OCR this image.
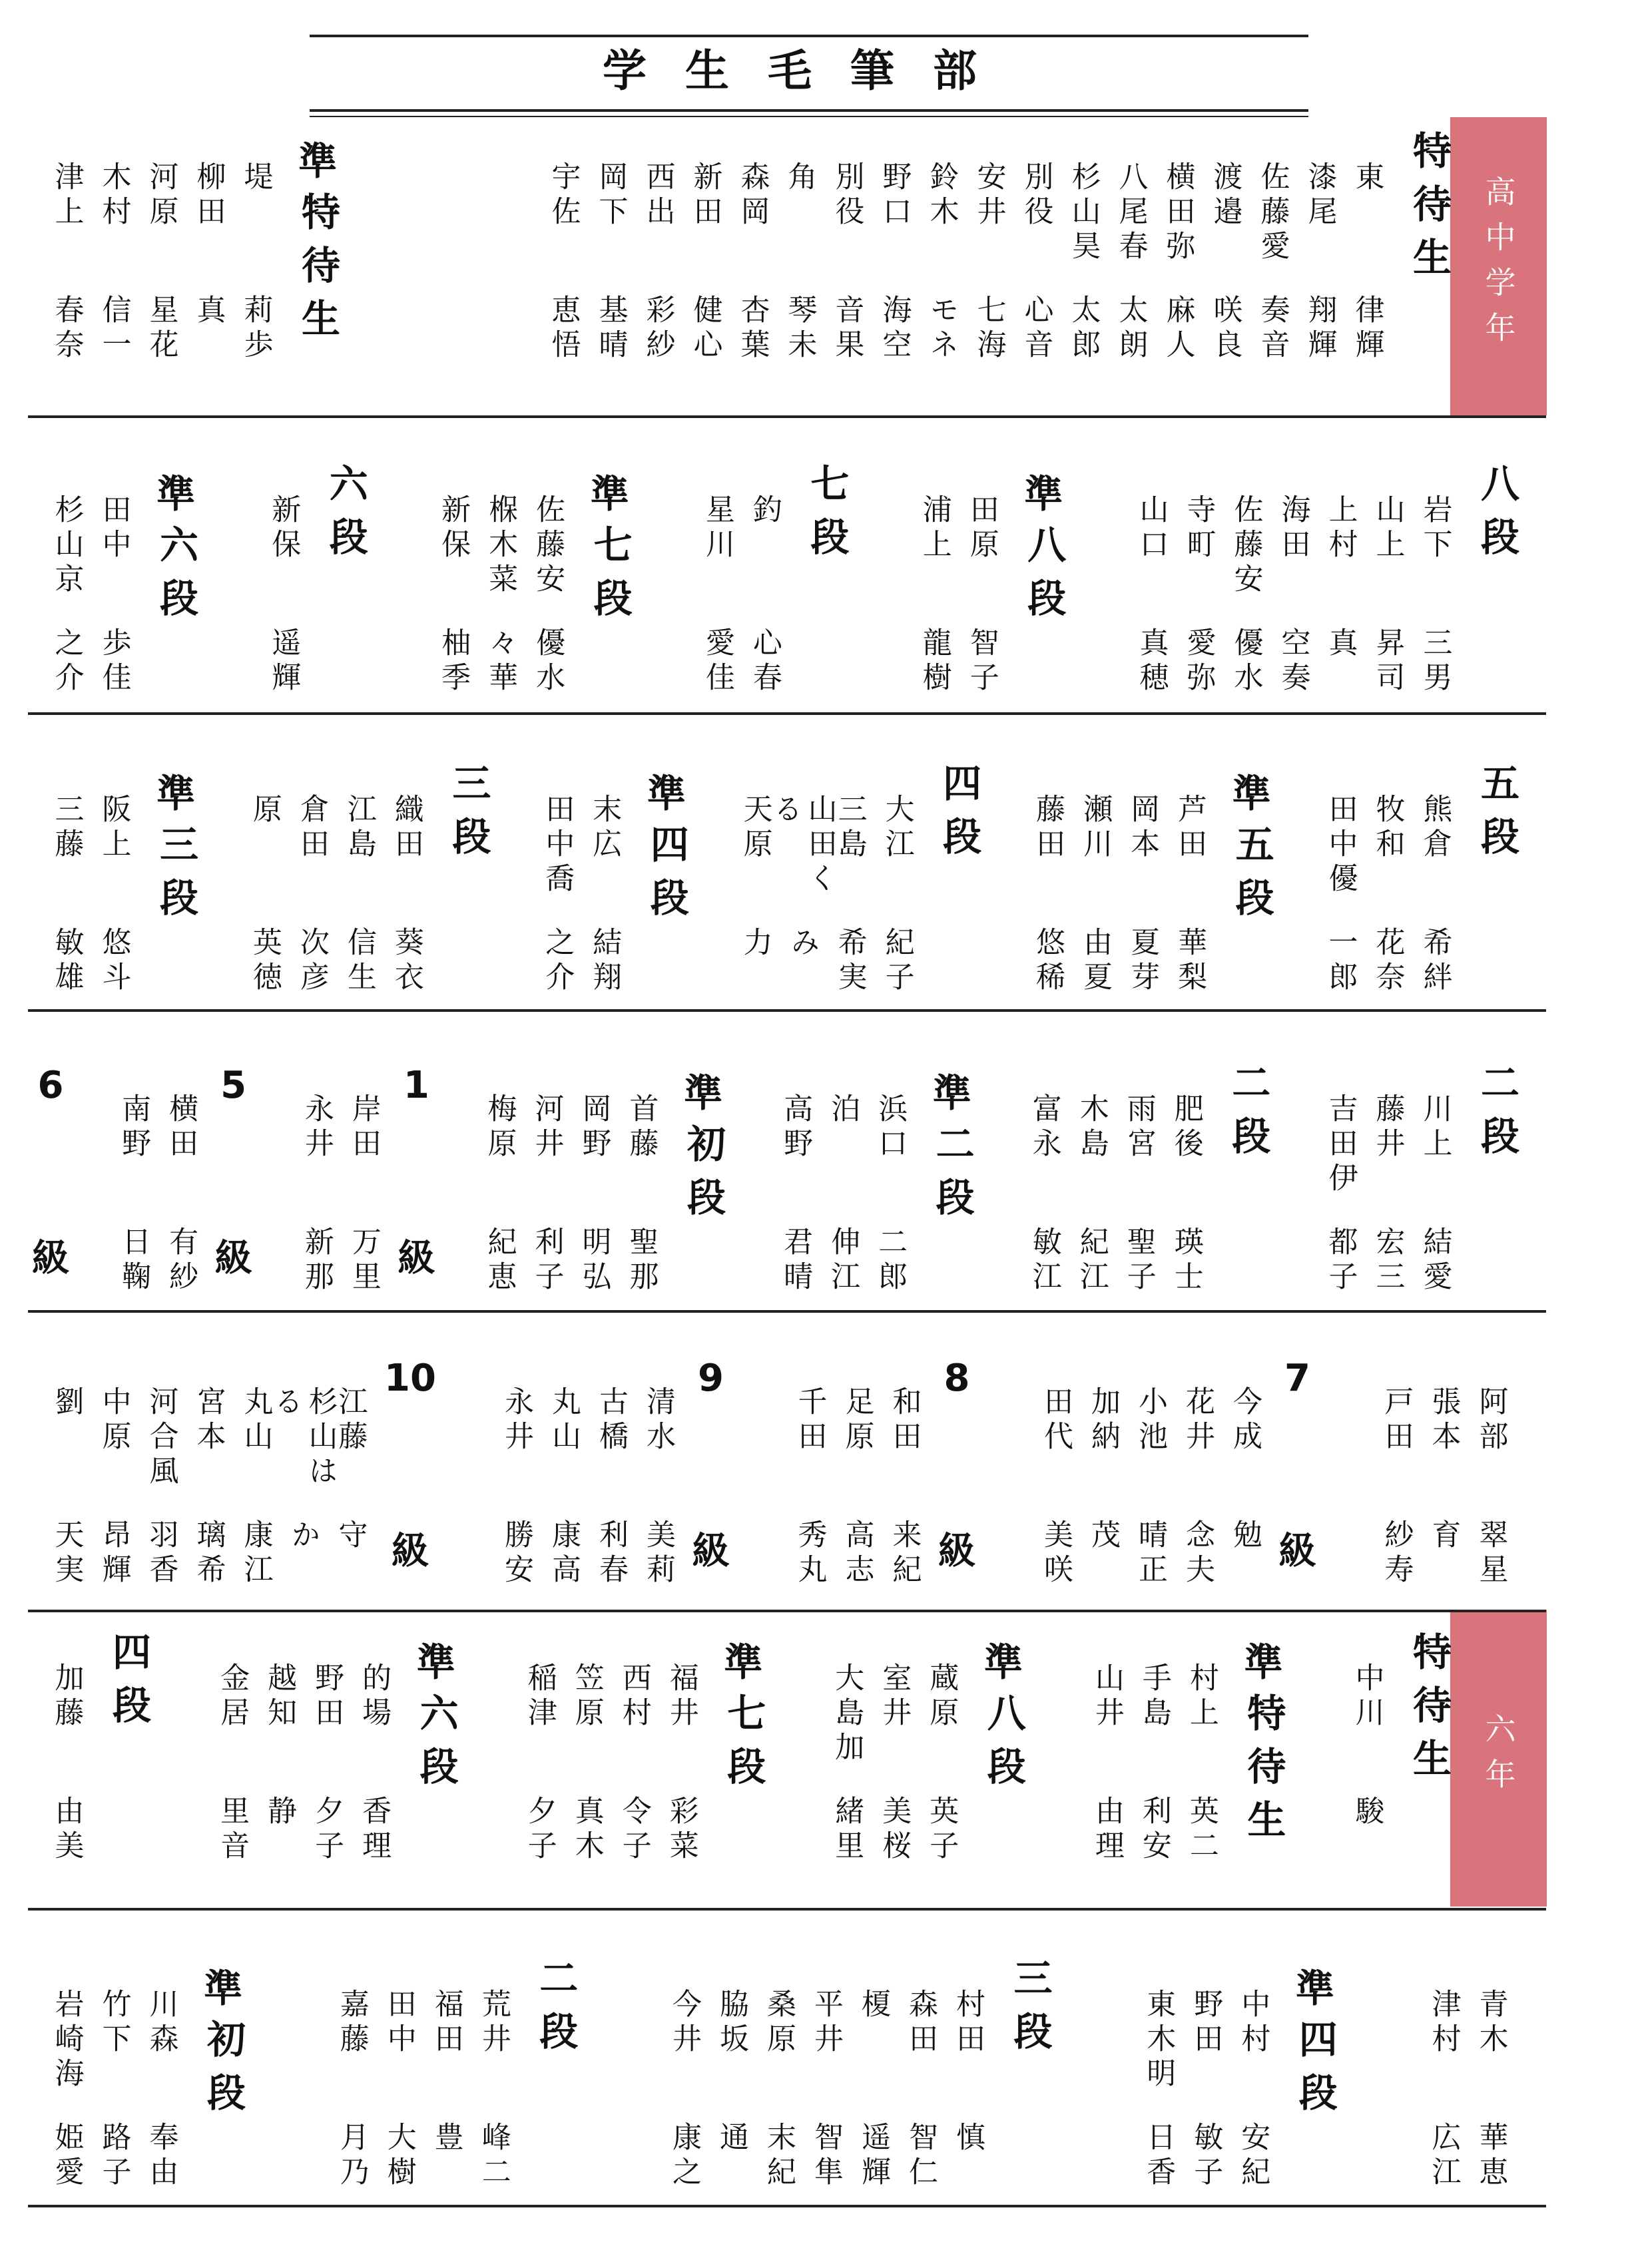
学生毛筆部
高中学年
六年
特待生
東
律輝
漆尾
翔輝
佐藤愛
奏音
渡邉
咲良
横田弥
麻人
八尾春
太朗
杉山昊
太郎
別役
心音
安井
七海
鈴木
モネ
野口
海空
別役
音果
角
琴未
森岡
杏葉
新田
健心
西出
彩紗
岡下
基晴
宇佐
恵悟
準
特待生
堤
莉歩
柳田
真
河原
星花
木村
信一
津上
春奈
八段
岩下
三男
山上
昇司
上村
真
海田
空奏
佐藤安
優水
寺町
愛弥
山口
真穂
準
八段
田原
智子
浦上
龍樹
七段
釣
心春
星川
愛佳
準
七段
佐藤安
優水
椺木菜
々華
新保
柚季
六段
新保
遥輝
準
六段
田中
歩佳
杉山京
之介
五段
熊倉
希絆
牧和
花奈
田中優
一郎
準
五段
芦田
華梨
岡本
夏芽
瀬川
由夏
藤田
悠稀
四段
大江
紀子
三島
希実
山田くる
み
天原
力
準
四段
末広
結翔
田中喬
之介
三段
織田
葵衣
江島
信生
倉田
次彦
原
英徳
準
三段
阪上
悠斗
三藤
敏雄
二段
川上
結愛
藤井
宏三
吉田伊
都子
二段
肥後
瑛士
雨宮
聖子
木島
紀江
富永
敏江
準
二段
浜口
二郎
泊
伸江
高野
君晴
準
初段
首藤
聖那
岡野
明弘
河井
利子
梅原
紀恵
1
級
岸田
万里
永井
新那
5
級
横田
有紗
南野
日鞠
6
級
阿部
翠星
張本
育
戸田
紗寿
7
級
今成
勉
花井
念夫
小池
晴正
加納
茂
田代
美咲
8
級
和田
来紀
足原
高志
千田
秀丸
9
級
清水
美莉
古橋
利春
丸山
康高
永井
勝安
10
級
江藤
守
杉山はる
か
丸山
康江
宮本
璃希
河合風
羽香
中原
昂輝
劉
天実
特待生
中川
駿
準
特待生
村上
英二
手島
利安
山井
由理
準
八段
蔵原
英子
室井
美桜
大島加
緒里
準
七段
福井
彩菜
西村
令子
笠原
真木
稲津
夕子
準
六段
的場
香理
野田
夕子
越知
静
金居
里音
四段
加藤
由美
青木
華恵
津村
広江
準
四段
中村
安紀
野田
敏子
東木明
日香
三段
村田
慎
森田
智仁
榎
遥輝
平井
智隼
桑原
末紀
脇坂
通
今井
康之
二段
荒井
峰二
福田
豊
田中
大樹
嘉藤
月乃
準
初段
川森
奉由
竹下
路子
岩崎海
姫愛
